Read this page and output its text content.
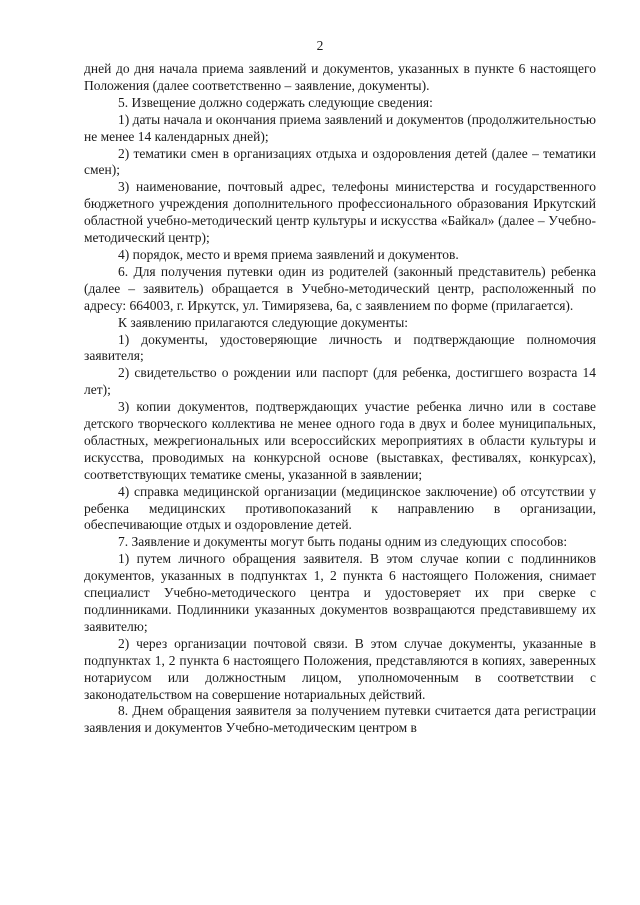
2

дней до дня начала приема заявлений и документов, указанных в пункте 6 настоящего Положения (далее соответственно – заявление, документы).

5. Извещение должно содержать следующие сведения:

1) даты начала и окончания приема заявлений и документов (продолжительностью не менее 14 календарных дней);

2) тематики смен в организациях отдыха и оздоровления детей (далее – тематики смен);

3) наименование, почтовый адрес, телефоны министерства и государственного бюджетного учреждения дополнительного профессионального образования Иркутский областной учебно-методический центр культуры и искусства «Байкал» (далее – Учебно-методический центр);

4) порядок, место и время приема заявлений и документов.

6. Для получения путевки один из родителей (законный представитель) ребенка (далее – заявитель) обращается в Учебно-методический центр, расположенный по адресу: 664003, г. Иркутск, ул. Тимирязева, 6а, с заявлением по форме (прилагается).

К заявлению прилагаются следующие документы:

1) документы, удостоверяющие личность и подтверждающие полномочия заявителя;

2) свидетельство о рождении или паспорт (для ребенка, достигшего возраста 14 лет);

3) копии документов, подтверждающих участие ребенка лично или в составе детского творческого коллектива не менее одного года в двух и более муниципальных, областных, межрегиональных или всероссийских мероприятиях в области культуры и искусства, проводимых на конкурсной основе (выставках, фестивалях, конкурсах), соответствующих тематике смены, указанной в заявлении;

4) справка медицинской организации (медицинское заключение) об отсутствии у ребенка медицинских противопоказаний к направлению в организации, обеспечивающие отдых и оздоровление детей.

7. Заявление и документы могут быть поданы одним из следующих способов:

1) путем личного обращения заявителя. В этом случае копии с подлинников документов, указанных в подпунктах 1, 2 пункта 6 настоящего Положения, снимает специалист Учебно-методического центра и удостоверяет их при сверке с подлинниками. Подлинники указанных документов возвращаются представившему их заявителю;

2) через организации почтовой связи. В этом случае документы, указанные в подпунктах 1, 2 пункта 6 настоящего Положения, представляются в копиях, заверенных нотариусом или должностным лицом, уполномоченным в соответствии с законодательством на совершение нотариальных действий.

8. Днем обращения заявителя за получением путевки считается дата регистрации заявления и документов Учебно-методическим центром в
